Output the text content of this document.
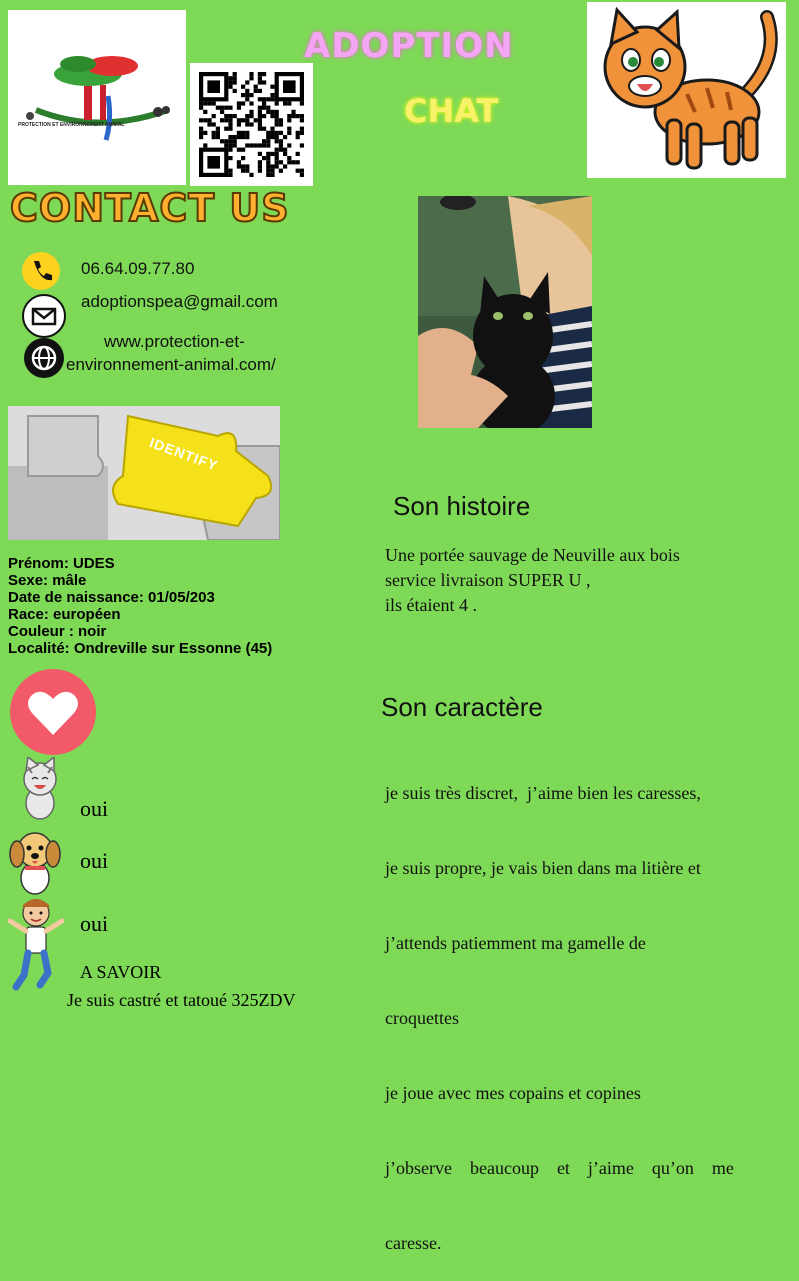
PROTECTION ET ENVIRONNEMENT ANIMAL
ADOPTION
CHAT
CONTACT US
06.64.09.77.80
adoptionspea@gmail.com
www.protection-et-
environnement-animal.com/
IDENTIFY
Prénom: UDES
Sexe: mâle
Date de naissance: 01/05/203
Race: européen
Couleur : noir
Localité: Ondreville sur Essonne (45)
Son histoire
Une portée sauvage de Neuville aux bois
service livraison SUPER U ,
ils étaient 4 .
Son caractère

je suis très discret,  j’aime bien les caresses,

je suis propre, je vais bien dans ma litière et

j’attends patiemment ma gamelle de

croquettes

je joue avec mes copains et copines

j’observe    beaucoup    et    j’aime    qu’on    me

caresse.

oui
oui
oui
A SAVOIR
Je suis castré et tatoué 325ZDV
